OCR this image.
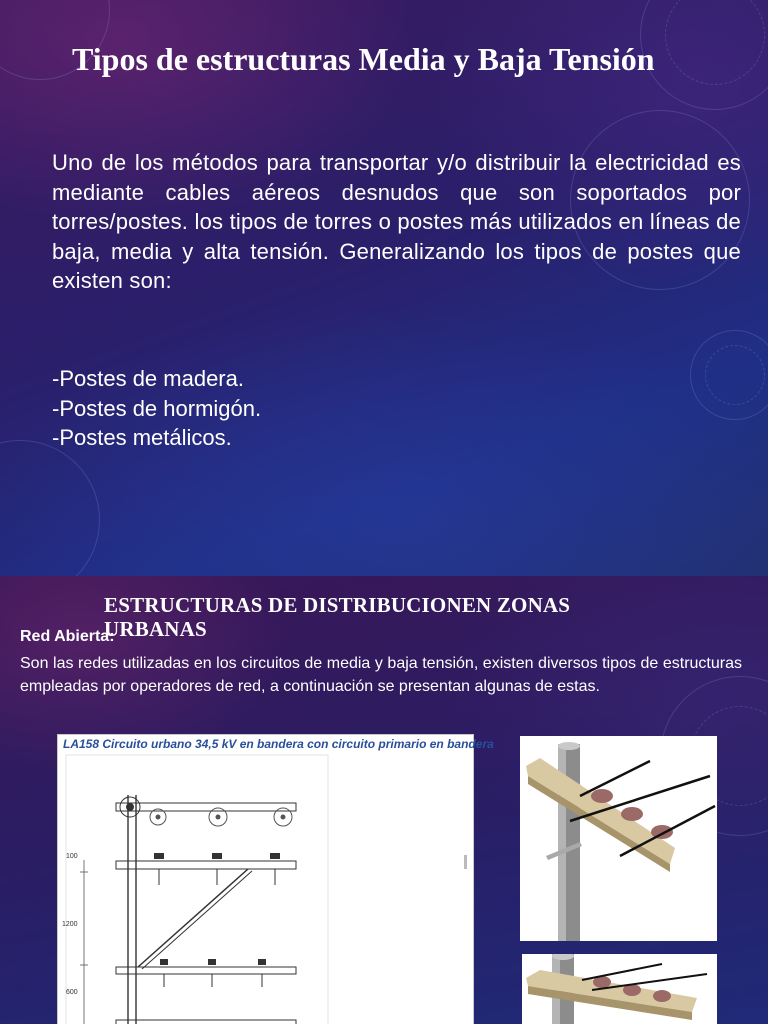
Tipos de estructuras Media y Baja Tensión

Uno de los métodos para transportar y/o distribuir la electricidad es mediante cables aéreos desnudos que son soportados por torres/postes. los tipos de torres o postes más utilizados en líneas de baja, media y alta tensión. Generalizando los tipos de postes que existen son:

-Postes de madera.
-Postes de hormigón.
-Postes metálicos.
ESTRUCTURAS DE DISTRIBUCIONEN ZONAS URBANAS
Red Abierta:

Son las redes utilizadas en los circuitos de media y baja tensión, existen diversos tipos de estructuras empleadas por operadores de red, a continuación se presentan algunas de estas.

LA158 Circuito urbano 34,5 kV en bandera con circuito primario en bandera
100
1200
600
